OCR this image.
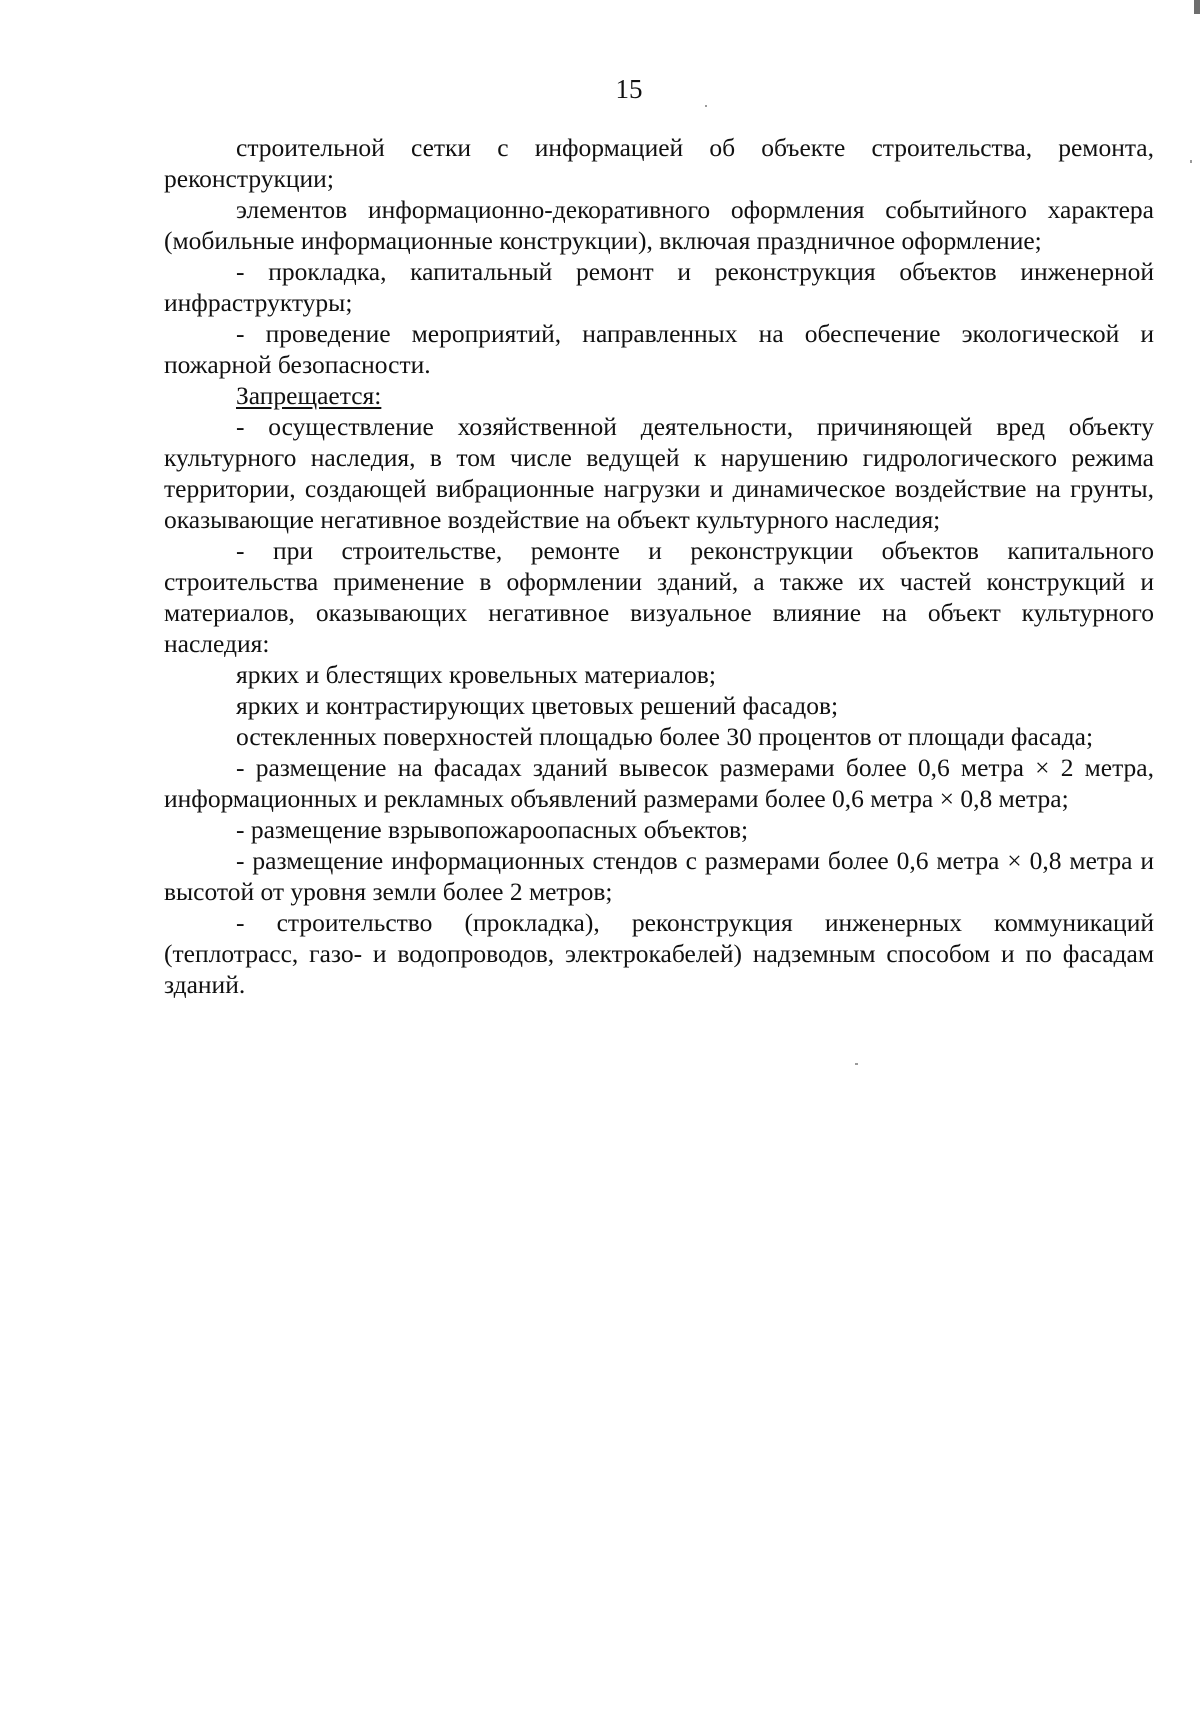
15

строительной сетки с информацией об объекте строительства, ремонта, реконструкции;

элементов информационно-декоративного оформления событийного характера (мобильные информационные конструкции), включая праздничное оформление;

- прокладка, капитальный ремонт и реконструкция объектов инженерной инфраструктуры;

- проведение мероприятий, направленных на обеспечение экологической и пожарной безопасности.

Запрещается:

- осуществление хозяйственной деятельности, причиняющей вред объекту культурного наследия, в том числе ведущей к нарушению гидрологического режима территории, создающей вибрационные нагрузки и динамическое воздействие на грунты, оказывающие негативное воздействие на объект культурного наследия;

- при строительстве, ремонте и реконструкции объектов капитального строительства применение в оформлении зданий, а также их частей конструкций и материалов, оказывающих негативное визуальное влияние на объект культурного наследия:

ярких и блестящих кровельных материалов;

ярких и контрастирующих цветовых решений фасадов;

остекленных поверхностей площадью более 30 процентов от площади фасада;

- размещение на фасадах зданий вывесок размерами более 0,6 метра × 2 метра, информационных и рекламных объявлений размерами более 0,6 метра × 0,8 метра;

- размещение взрывопожароопасных объектов;

- размещение информационных стендов с размерами более 0,6 метра × 0,8 метра и высотой от уровня земли более 2 метров;

- строительство (прокладка), реконструкция инженерных коммуникаций (теплотрасс, газо- и водопроводов, электрокабелей) надземным способом и по фасадам зданий.
